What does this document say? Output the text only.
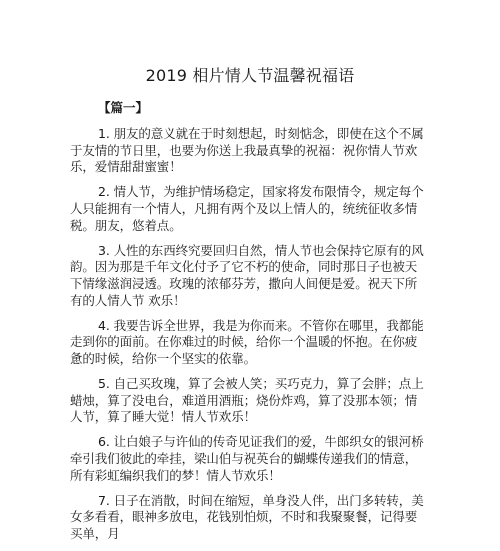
2019 相片情人节温馨祝福语
【篇一】

1. 朋友的意义就在于时刻想起，时刻惦念，即使在这个不属于友情的节日里，也要为你送上我最真挚的祝福：祝你情人节欢乐，爱情甜甜蜜蜜！

2. 情人节，为维护情场稳定，国家将发布限情令，规定每个人只能拥有一个情人，凡拥有两个及以上情人的，统统征收多情税。朋友，悠着点。

3. 人性的东西终究要回归自然，情人节也会保持它原有的风韵。因为那是千年文化付予了它不朽的使命，同时那日子也被天下情缘滋润浸透。玫瑰的浓郁芬芳，撒向人间便是爱。祝天下所有的人情人节 欢乐！

4. 我要告诉全世界，我是为你而来。不管你在哪里，我都能走到你的面前。在你难过的时候，给你一个温暖的怀抱。在你疲惫的时候，给你一个坚实的依靠。

5. 自己买玫瑰，算了会被人笑；买巧克力，算了会胖；点上蜡烛，算了没电台，难道用酒瓶；烧份炸鸡，算了没那本领；情人节，算了睡大觉！情人节欢乐！

6. 让白娘子与许仙的传奇见证我们的爱，牛郎织女的银河桥牵引我们彼此的牵挂，梁山伯与祝英台的蝴蝶传递我们的情意，所有彩虹编织我们的梦！情人节欢乐！

7. 日子在消散，时间在缩短，单身没人伴，出门多转转，美女多看看，眼神多放电，花钱别怕烦，不时和我聚聚餐，记得要买单，月
